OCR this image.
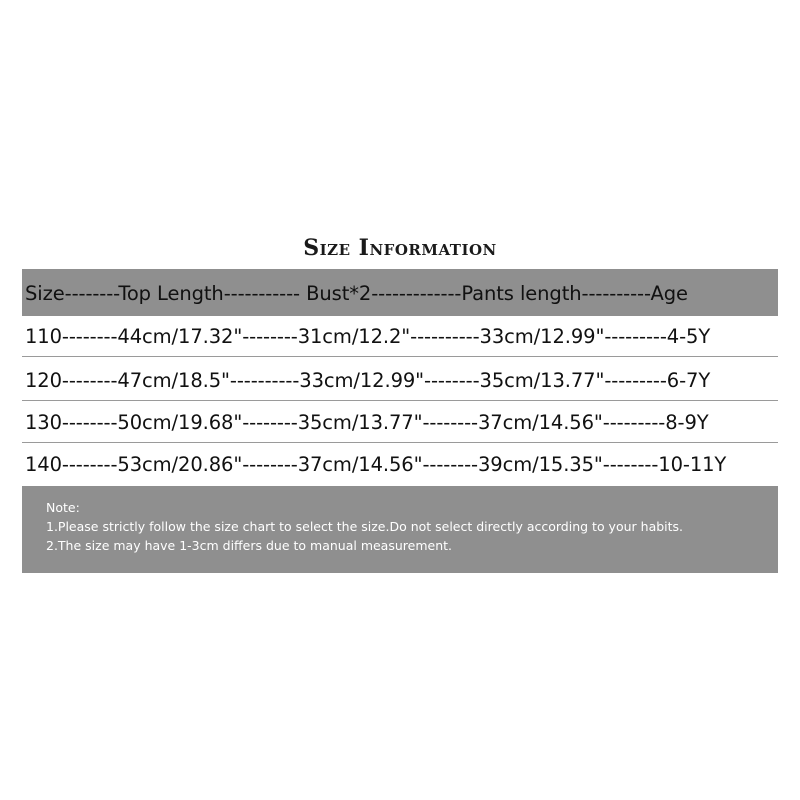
Size Information
Size--------Top Length----------- Bust*2-------------Pants length----------Age
110--------44cm/17.32"--------31cm/12.2"----------33cm/12.99"---------4-5Y
120--------47cm/18.5"----------33cm/12.99"--------35cm/13.77"---------6-7Y
130--------50cm/19.68"--------35cm/13.77"--------37cm/14.56"---------8-9Y
140--------53cm/20.86"--------37cm/14.56"--------39cm/15.35"--------10-11Y
Note:
1.Please strictly follow the size chart to select the size.Do not select directly according to your habits.
2.The size may have 1-3cm differs due to manual measurement.
